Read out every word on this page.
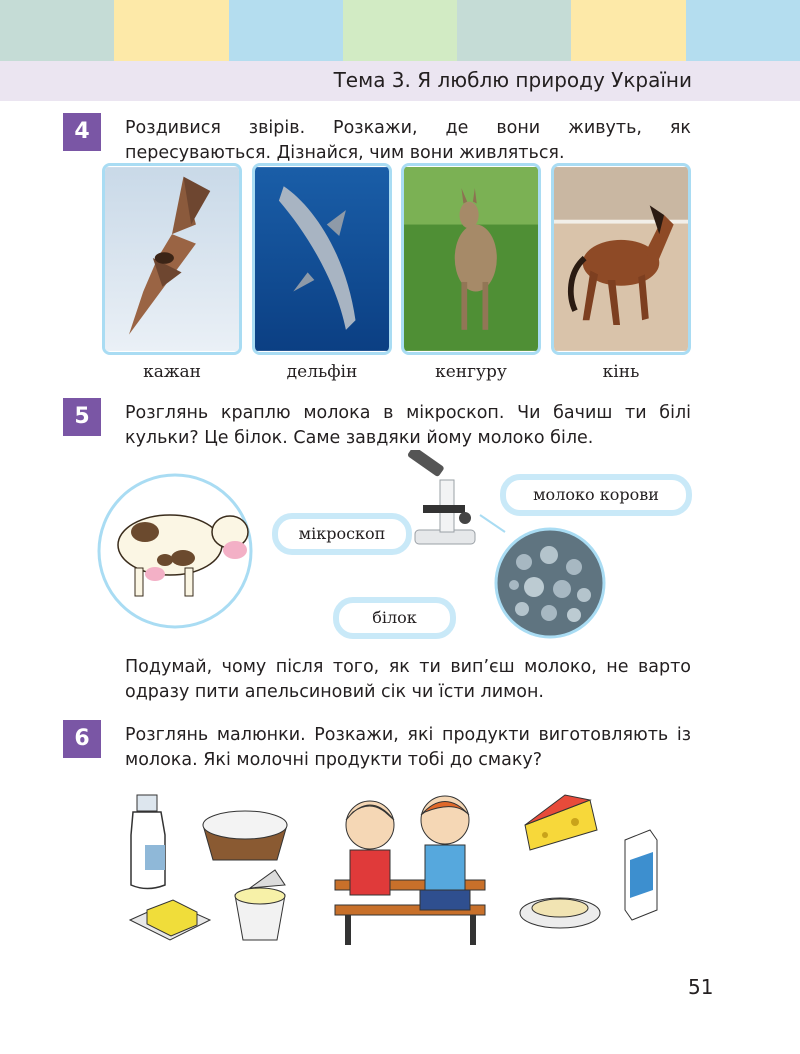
Тема 3. Я люблю природу України
4	Роздивися звірів. Розкажи, де вони живуть, як пересуваються. Дізнайся, чим вони живляться.
кажан	дельфін	кенгуру	кінь
5	Розглянь краплю молока в мікроскоп. Чи бачиш ти білі кульки? Це білок. Саме завдяки йому молоко біле.
мікроскоп
молоко корови
білок
Подумай, чому після того, як ти вип’єш молоко, не варто одразу пити апельсиновий сік чи їсти лимон.
6	Розглянь малюнки. Розкажи, які продукти виготовляють із молока. Які молочні продукти тобі до смаку?
51
